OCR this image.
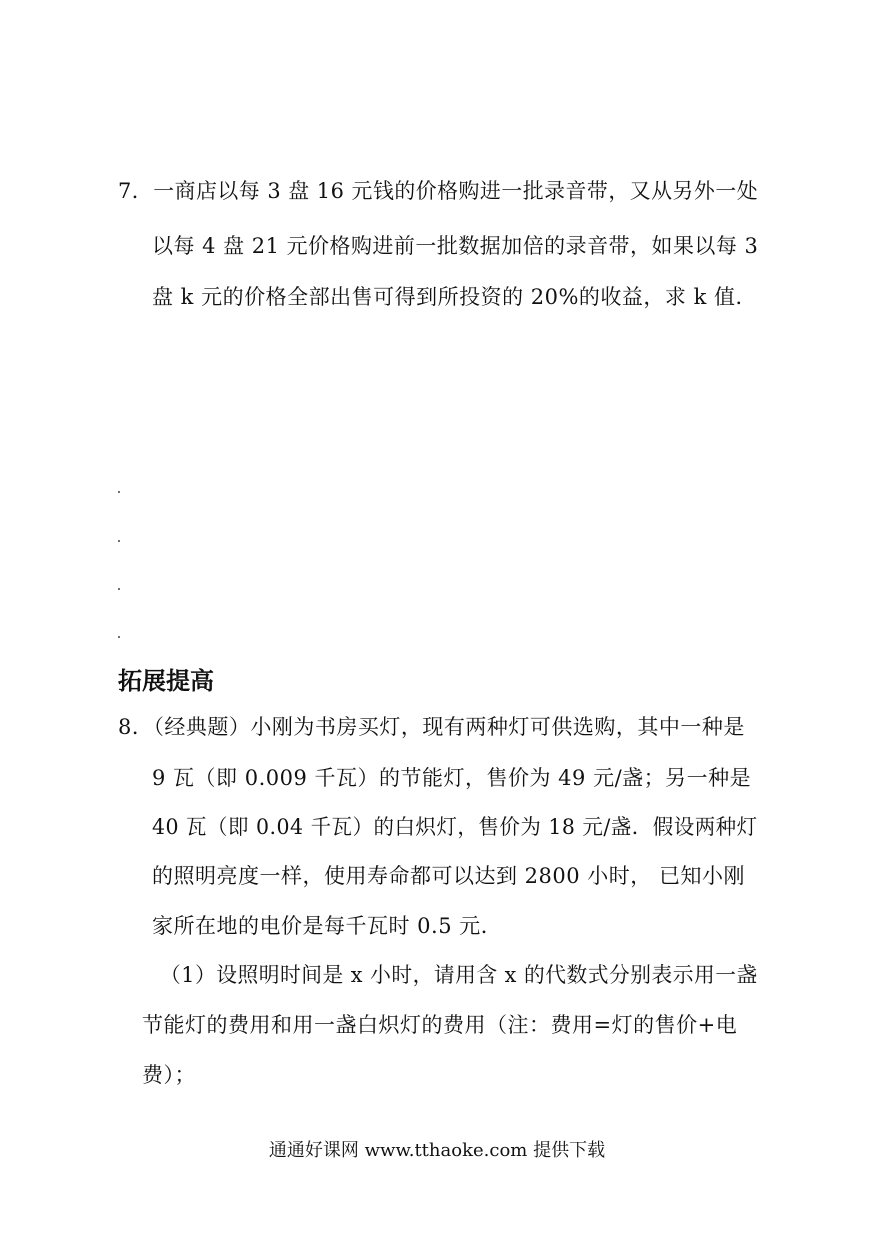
7．一商店以每 3 盘 16 元钱的价格购进一批录音带，又从另外一处
以每 4 盘 21 元价格购进前一批数据加倍的录音带，如果以每 3
盘 k 元的价格全部出售可得到所投资的 20%的收益，求 k 值．
拓展提高
8．（经典题）小刚为书房买灯，现有两种灯可供选购，其中一种是
9 瓦（即 0.009 千瓦）的节能灯，售价为 49 元/盏；另一种是
40 瓦（即 0.04 千瓦）的白炽灯，售价为 18 元/盏．假设两种灯
的照明亮度一样，使用寿命都可以达到 2800 小时， 已知小刚
家所在地的电价是每千瓦时 0.5 元．
（1）设照明时间是 x 小时，请用含 x 的代数式分别表示用一盏
节能灯的费用和用一盏白炽灯的费用（注：费用=灯的售价+电
费）；
通通好课网 www.tthaoke.com 提供下载
